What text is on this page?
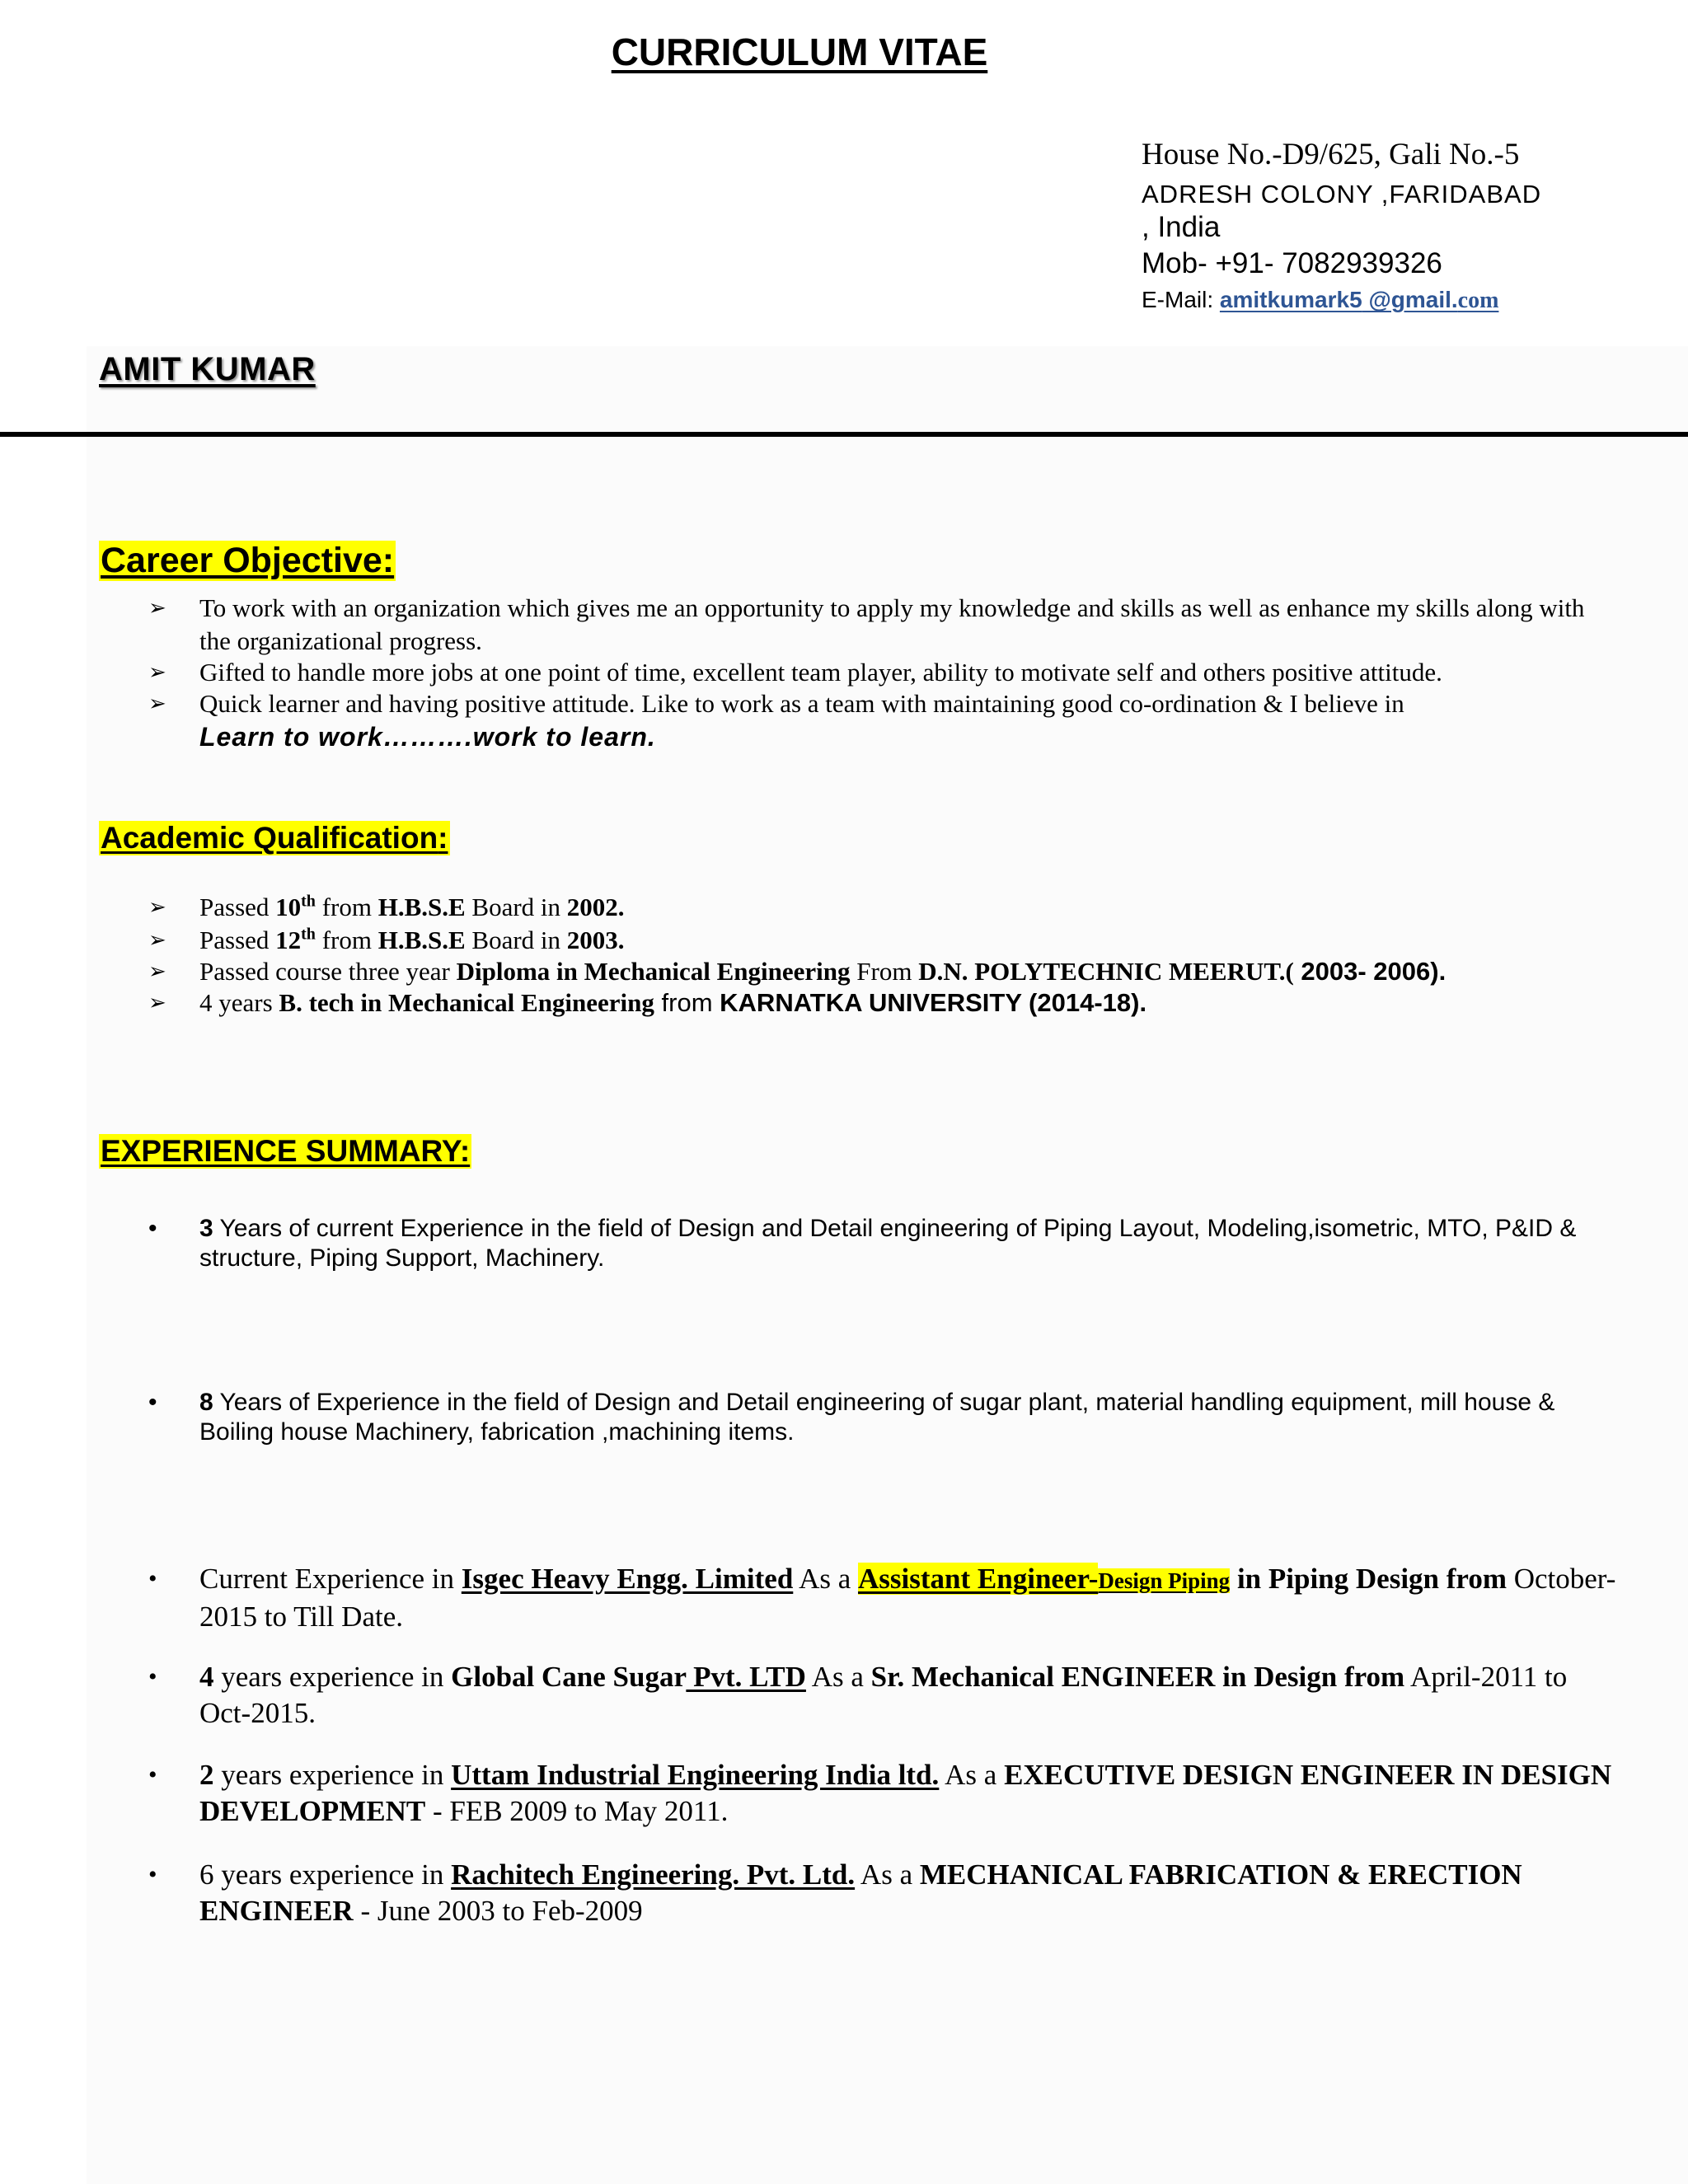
CURRICULUM VITAE
House No.-D9/625, Gali No.-5
ADRESH COLONY ,FARIDABAD
, India
Mob- +91- 7082939326
E-Mail: amitkumark5 @gmail.com
AMIT KUMAR
Career Objective:
➢ To work with an organization which gives me an opportunity to apply my knowledge and skills as well as enhance my skills along with the organizational progress.
➢ Gifted to handle more jobs at one point of time, excellent team player, ability to motivate self and others positive attitude.
➢ Quick learner and having positive attitude. Like to work as a team with maintaining good co-ordination & I believe in
Learn to work……….work to learn.
Academic Qualification:
➢ Passed 10th from H.B.S.E Board in 2002.
➢ Passed 12th from H.B.S.E Board in 2003.
➢ Passed course three year Diploma in Mechanical Engineering From D.N. POLYTECHNIC MEERUT.( 2003- 2006).
➢ 4 years B. tech in Mechanical Engineering from KARNATKA UNIVERSITY (2014-18).
EXPERIENCE SUMMARY:
• 3 Years of current Experience in the field of Design and Detail engineering of Piping Layout, Modeling,isometric, MTO, P&ID & structure, Piping Support, Machinery.
• 8 Years of Experience in the field of Design and Detail engineering of sugar plant, material handling equipment, mill house & Boiling house Machinery, fabrication ,machining items.
• Current Experience in Isgec Heavy Engg. Limited As a Assistant Engineer-Design Piping in Piping Design from October-2015 to Till Date.
• 4 years experience in Global Cane Sugar Pvt. LTD As a Sr. Mechanical ENGINEER in Design from April-2011 to Oct-2015.
• 2 years experience in Uttam Industrial Engineering India ltd. As a EXECUTIVE DESIGN ENGINEER IN DESIGN DEVELOPMENT - FEB 2009 to May 2011.
• 6 years experience in Rachitech Engineering. Pvt. Ltd. As a MECHANICAL FABRICATION & ERECTION ENGINEER - June 2003 to Feb-2009
